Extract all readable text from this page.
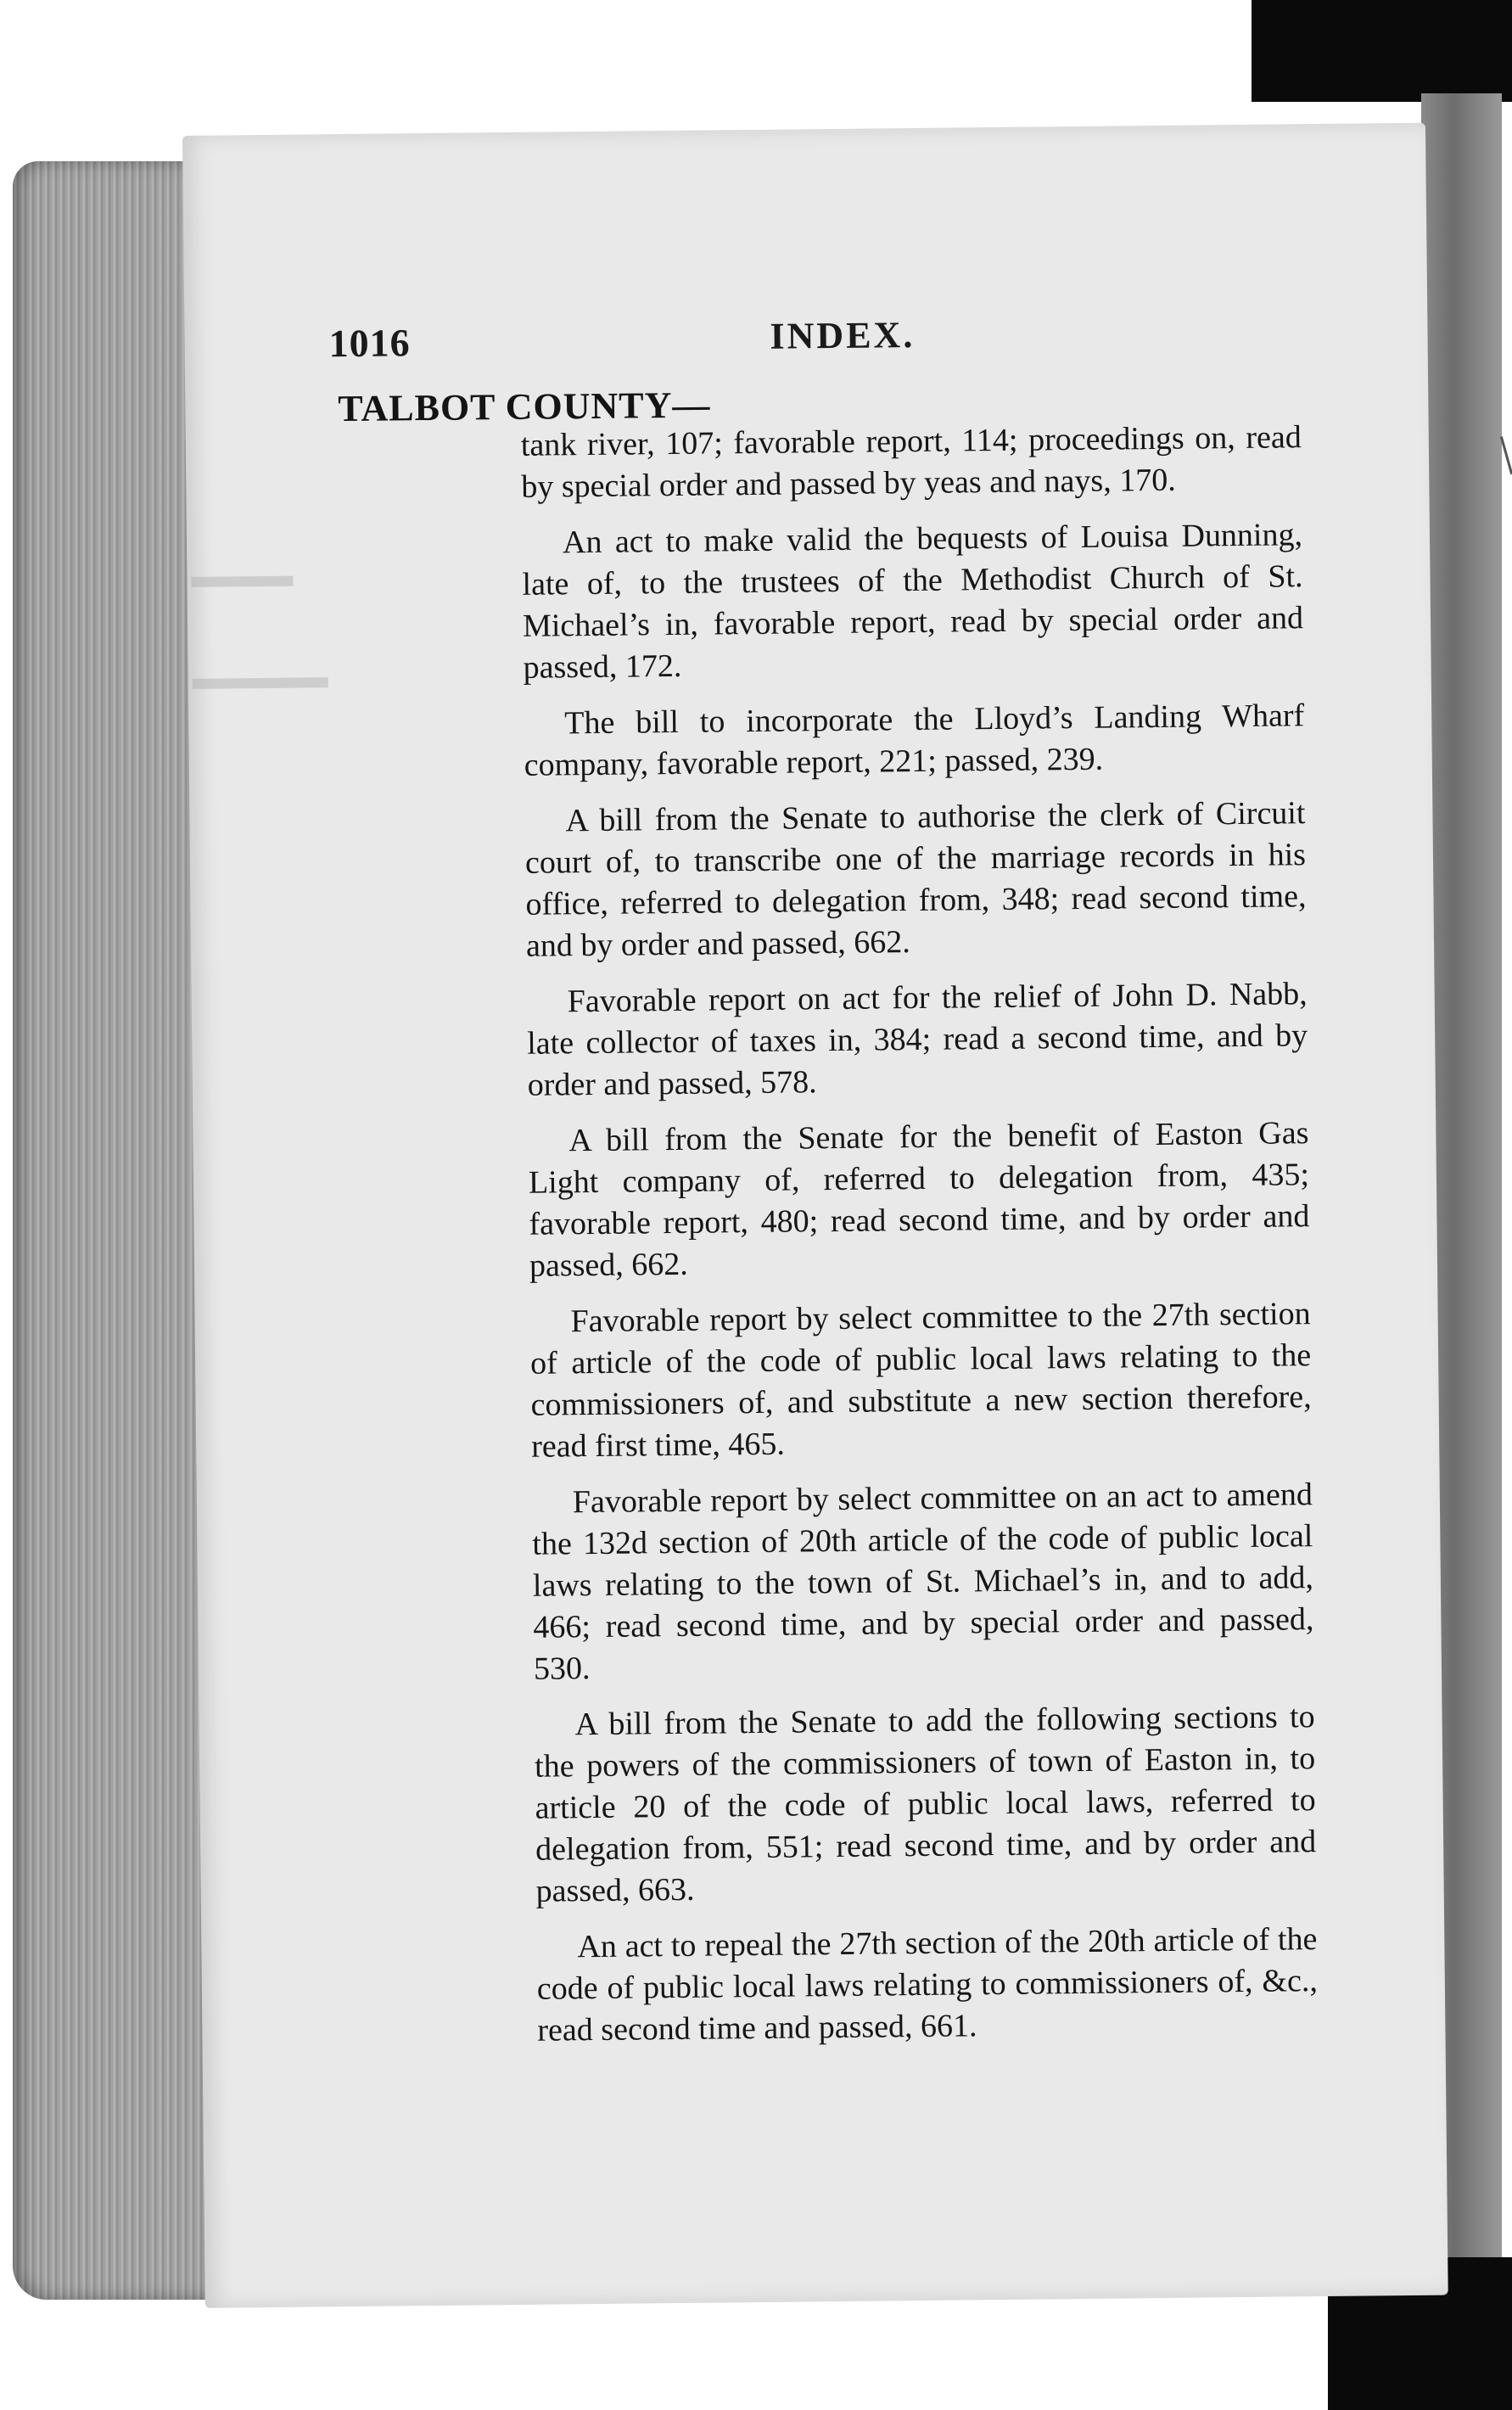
1016	INDEX.
TALBOT COUNTY—

tank river, 107; favorable report, 114; proceedings on, read by special order and passed by yeas and nays, 170.

An act to make valid the bequests of Louisa Dunning, late of, to the trustees of the Methodist Church of St. Michael’s in, favorable report, read by special order and passed, 172.

The bill to incorporate the Lloyd’s Landing Wharf company, favorable report, 221; passed, 239.

A bill from the Senate to authorise the clerk of Circuit court of, to transcribe one of the marriage records in his office, referred to delegation from, 348; read second time, and by order and passed, 662.

Favorable report on act for the relief of John D. Nabb, late collector of taxes in, 384; read a second time, and by order and passed, 578.

A bill from the Senate for the benefit of Easton Gas Light company of, referred to delegation from, 435; favorable report, 480; read second time, and by order and passed, 662.

Favorable report by select committee to the 27th section of article of the code of public local laws relating to the commissioners of, and substitute a new section therefore, read first time, 465.

Favorable report by select committee on an act to amend the 132d section of 20th article of the code of public local laws relating to the town of St. Michael’s in, and to add, 466; read second time, and by special order and passed, 530.

A bill from the Senate to add the following sections to the powers of the commissioners of town of Easton in, to article 20 of the code of public local laws, referred to delegation from, 551; read second time, and by order and passed, 663.

An act to repeal the 27th section of the 20th article of the code of public local laws relating to commissioners of, &c., read second time and passed, 661.
